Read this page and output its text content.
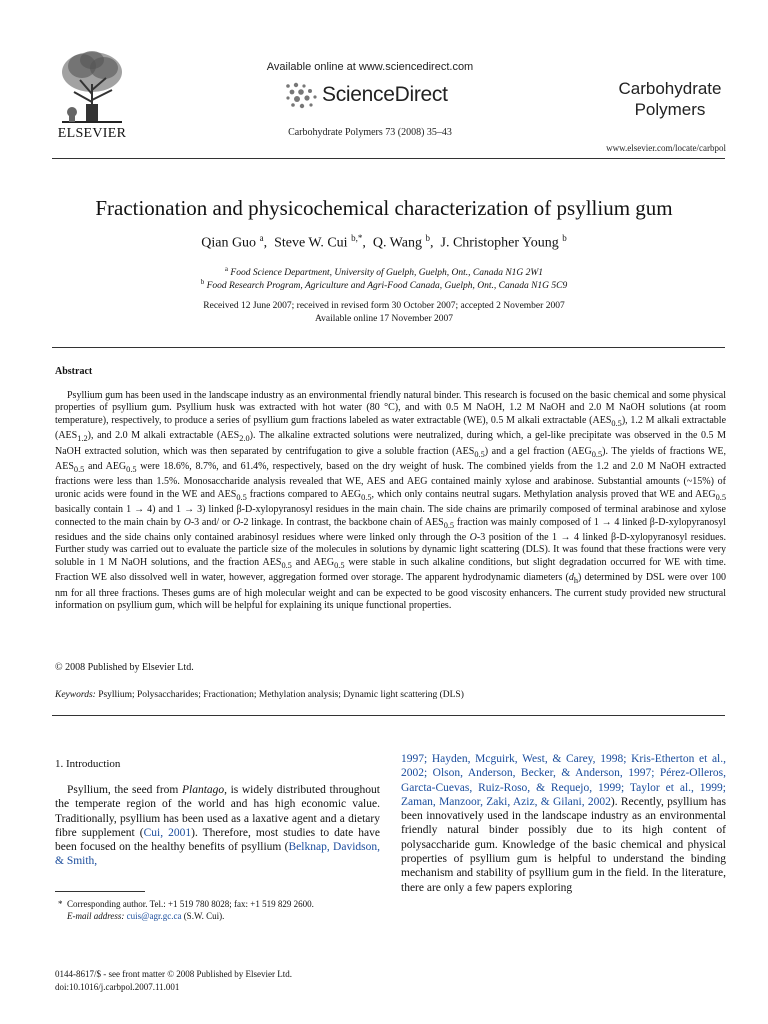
ELSEVIER
Available online at www.sciencedirect.com
ScienceDirect
Carbohydrate Polymers 73 (2008) 35–43
Carbohydrate
Polymers
www.elsevier.com/locate/carbpol
Fractionation and physicochemical characterization of psyllium gum
Qian Guo $^a$,  Steve W. Cui $^{b,*}$,  Q. Wang $^b$,  J. Christopher Young $^b$
$^a$ Food Science Department, University of Guelph, Guelph, Ont., Canada N1G 2W1
$^b$ Food Research Program, Agriculture and Agri-Food Canada, Guelph, Ont., Canada N1G 5C9
Received 12 June 2007; received in revised form 30 October 2007; accepted 2 November 2007
Available online 17 November 2007
Abstract
Psyllium gum has been used in the landscape industry as an environmental friendly natural binder. This research is focused on the basic chemical and some physical properties of psyllium gum. Psyllium husk was extracted with hot water (80 °C), and with 0.5 M NaOH, 1.2 M NaOH and 2.0 M NaOH solutions (at room temperature), respectively, to produce a series of psyllium gum fractions labeled as water extractable (WE), 0.5 M alkali extractable $(AES_{0.5})$, 1.2 M alkali extractable $(AES_{1.2})$, and 2.0 M alkali extractable $(AES_{2.0})$. The alkaline extracted solutions were neutralized, during which, a gel-like precipitate was observed in the 0.5 M NaOH extracted solution, which was then separated by centrifugation to give a soluble fraction $(AES_{0.5})$ and a gel fraction $(AEG_{0.5})$. The yields of fractions WE, $AES_{0.5}$ and $AEG_{0.5}$ were 18.6%, 8.7%, and 61.4%, respectively, based on the dry weight of husk. The combined yields from the 1.2 and 2.0 M NaOH extracted fractions were less than 1.5%. Monosaccharide analysis revealed that WE, AES and AEG contained mainly xylose and arabinose. Substantial amounts (~15%) of uronic acids were found in the WE and $AES_{0.5}$ fractions compared to $AEG_{0.5}$, which only contains neutral sugars. Methylation analysis proved that WE and $AEG_{0.5}$ basically contain 1 → 4) and 1 → 3) linked β-D-xylopyranosyl residues in the main chain. The side chains are primarily composed of terminal arabinose and xylose connected to the main chain by O-3 and/ or O-2 linkage. In contrast, the backbone chain of $AES_{0.5}$ fraction was mainly composed of 1 → 4 linked β-D-xylopyranosyl residues and the side chains only contained arabinosyl residues where were linked only through the O-3 position of the 1 → 4 linked β-D-xylopyranosyl residues. Further study was carried out to evaluate the particle size of the molecules in solutions by dynamic light scattering (DLS). It was found that these fractions were very soluble in 1 M NaOH solutions, and the fraction $AES_{0.5}$ and $AEG_{0.5}$ were stable in such alkaline conditions, but slight degradation occurred for WE with time. Fraction WE also dissolved well in water, however, aggregation formed over storage. The apparent hydrodynamic diameters $(d_h)$ determined by DSL were over 100 nm for all three fractions. Theses gums are of high molecular weight and can be expected to be good viscosity enhancers. The current study provided new structural information on psyllium gum, which will be helpful for explaining its unique functional properties.
© 2008 Published by Elsevier Ltd.
Keywords: Psyllium; Polysaccharides; Fractionation; Methylation analysis; Dynamic light scattering (DLS)
1. Introduction
Psyllium, the seed from Plantago, is widely distributed throughout the temperate region of the world and has high economic value. Traditionally, psyllium has been used as a laxative agent and a dietary fibre supplement (Cui, 2001). Therefore, most studies to date have been focused on the healthy benefits of psyllium (Belknap, Davidson, & Smith,
1997; Hayden, Mcguirk, West, & Carey, 1998; Kris-Etherton et al., 2002; Olson, Anderson, Becker, & Anderson, 1997; Pérez-Olleros, Garcta-Cuevas, Ruiz-Roso, & Requejo, 1999; Taylor et al., 1999; Zaman, Manzoor, Zaki, Aziz, & Gilani, 2002). Recently, psyllium has been innovatively used in the landscape industry as an environmental friendly natural binder possibly due to its high content of polysaccharide gum. Knowledge of the basic chemical and physical properties of psyllium gum is helpful to understand the binding mechanism and stability of psyllium gum in the field. In the literature, there are only a few papers exploring
* Corresponding author. Tel.: +1 519 780 8028; fax: +1 519 829 2600.
E-mail address: cuis@agr.gc.ca (S.W. Cui).
0144-8617/$ - see front matter © 2008 Published by Elsevier Ltd.
doi:10.1016/j.carbpol.2007.11.001
